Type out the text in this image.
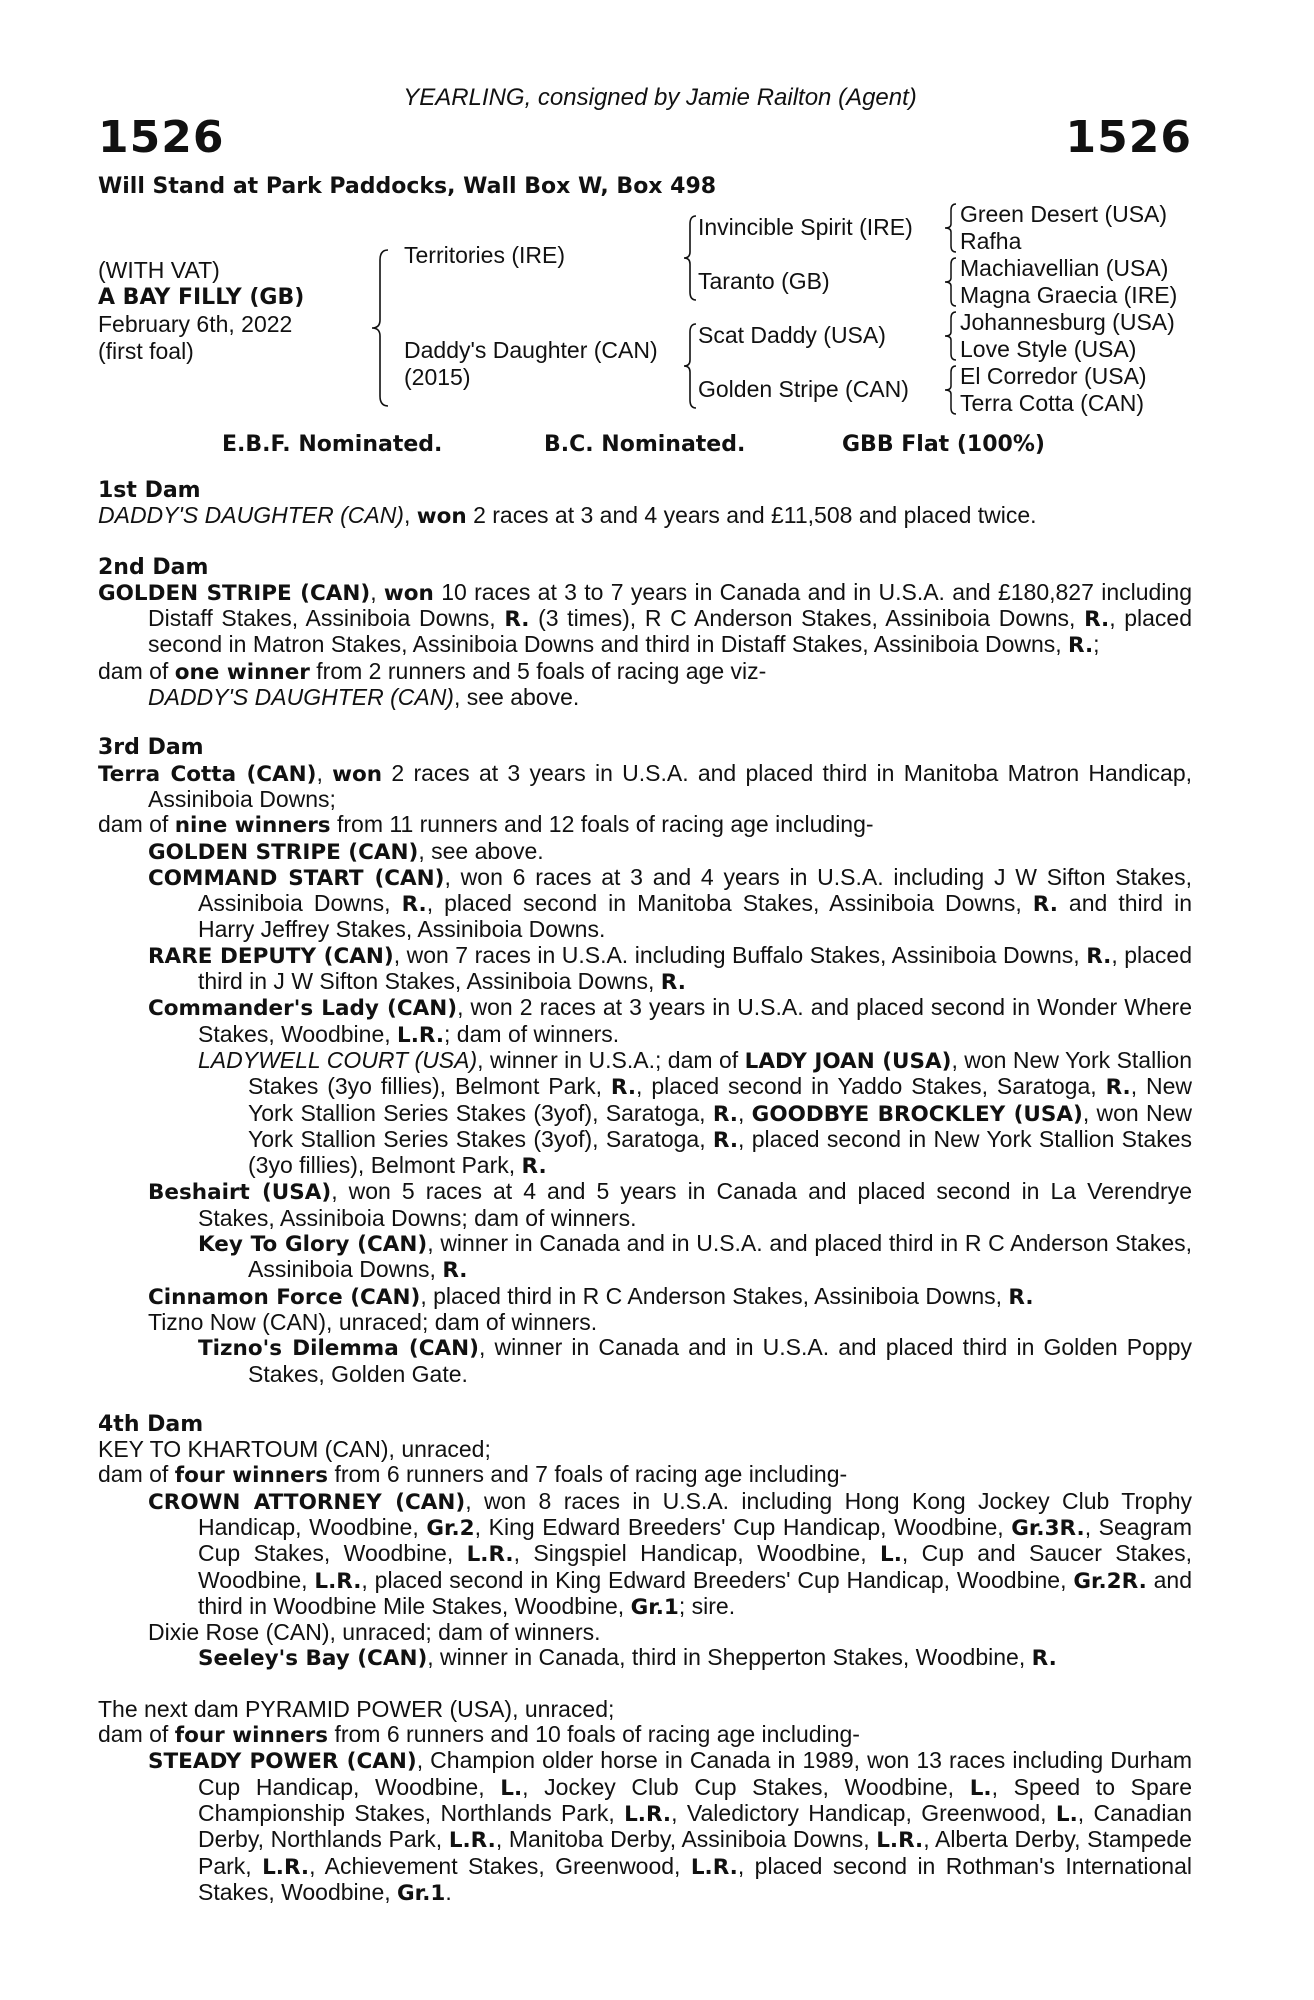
YEARLING, consigned by Jamie Railton (Agent)
1526	1526
Will Stand at Park Paddocks, Wall Box W, Box 498
(WITH VAT)
A BAY FILLY (GB)
February 6th, 2022
(first foal)
Territories (IRE)
Daddy's Daughter (CAN)
(2015)
Invincible Spirit (IRE)
Taranto (GB)
Scat Daddy (USA)
Golden Stripe (CAN)
Green Desert (USA)
Rafha
Machiavellian (USA)
Magna Graecia (IRE)
Johannesburg (USA)
Love Style (USA)
El Corredor (USA)
Terra Cotta (CAN)
E.B.F. Nominated.	B.C. Nominated.	GBB Flat (100%)

1st Dam

DADDY'S DAUGHTER (CAN), won 2 races at 3 and 4 years and £11,508 and placed twice.

2nd Dam

GOLDEN STRIPE (CAN), won 10 races at 3 to 7 years in Canada and in U.S.A. and £180,827 including Distaff Stakes, Assiniboia Downs, R. (3 times), R C Anderson Stakes, Assiniboia Downs, R., placed second in Matron Stakes, Assiniboia Downs and third in Distaff Stakes, Assiniboia Downs, R.;

dam of one winner from 2 runners and 5 foals of racing age viz-

DADDY'S DAUGHTER (CAN), see above.

3rd Dam

Terra Cotta (CAN), won 2 races at 3 years in U.S.A. and placed third in Manitoba Matron Handicap, Assiniboia Downs;

dam of nine winners from 11 runners and 12 foals of racing age including-

GOLDEN STRIPE (CAN), see above.

COMMAND START (CAN), won 6 races at 3 and 4 years in U.S.A. including J W Sifton Stakes, Assiniboia Downs, R., placed second in Manitoba Stakes, Assiniboia Downs, R. and third in Harry Jeffrey Stakes, Assiniboia Downs.

RARE DEPUTY (CAN), won 7 races in U.S.A. including Buffalo Stakes, Assiniboia Downs, R., placed third in J W Sifton Stakes, Assiniboia Downs, R.

Commander's Lady (CAN), won 2 races at 3 years in U.S.A. and placed second in Wonder Where Stakes, Woodbine, L.R.; dam of winners.

LADYWELL COURT (USA), winner in U.S.A.; dam of LADY JOAN (USA), won New York Stallion Stakes (3yo fillies), Belmont Park, R., placed second in Yaddo Stakes, Saratoga, R., New York Stallion Series Stakes (3yof), Saratoga, R., GOODBYE BROCKLEY (USA), won New York Stallion Series Stakes (3yof), Saratoga, R., placed second in New York Stallion Stakes (3yo fillies), Belmont Park, R.

Beshairt (USA), won 5 races at 4 and 5 years in Canada and placed second in La Verendrye Stakes, Assiniboia Downs; dam of winners.

Key To Glory (CAN), winner in Canada and in U.S.A. and placed third in R C Anderson Stakes, Assiniboia Downs, R.

Cinnamon Force (CAN), placed third in R C Anderson Stakes, Assiniboia Downs, R.

Tizno Now (CAN), unraced; dam of winners.

Tizno's Dilemma (CAN), winner in Canada and in U.S.A. and placed third in Golden Poppy Stakes, Golden Gate.

4th Dam

KEY TO KHARTOUM (CAN), unraced;

dam of four winners from 6 runners and 7 foals of racing age including-

CROWN ATTORNEY (CAN), won 8 races in U.S.A. including Hong Kong Jockey Club Trophy Handicap, Woodbine, Gr.2, King Edward Breeders' Cup Handicap, Woodbine, Gr.3R., Seagram Cup Stakes, Woodbine, L.R., Singspiel Handicap, Woodbine, L., Cup and Saucer Stakes, Woodbine, L.R., placed second in King Edward Breeders' Cup Handicap, Woodbine, Gr.2R. and third in Woodbine Mile Stakes, Woodbine, Gr.1; sire.

Dixie Rose (CAN), unraced; dam of winners.

Seeley's Bay (CAN), winner in Canada, third in Shepperton Stakes, Woodbine, R.

The next dam PYRAMID POWER (USA), unraced;

dam of four winners from 6 runners and 10 foals of racing age including-

STEADY POWER (CAN), Champion older horse in Canada in 1989, won 13 races including Durham Cup Handicap, Woodbine, L., Jockey Club Cup Stakes, Woodbine, L., Speed to Spare Championship Stakes, Northlands Park, L.R., Valedictory Handicap, Greenwood, L., Canadian Derby, Northlands Park, L.R., Manitoba Derby, Assiniboia Downs, L.R., Alberta Derby, Stampede Park, L.R., Achievement Stakes, Greenwood, L.R., placed second in Rothman's International Stakes, Woodbine, Gr.1.
